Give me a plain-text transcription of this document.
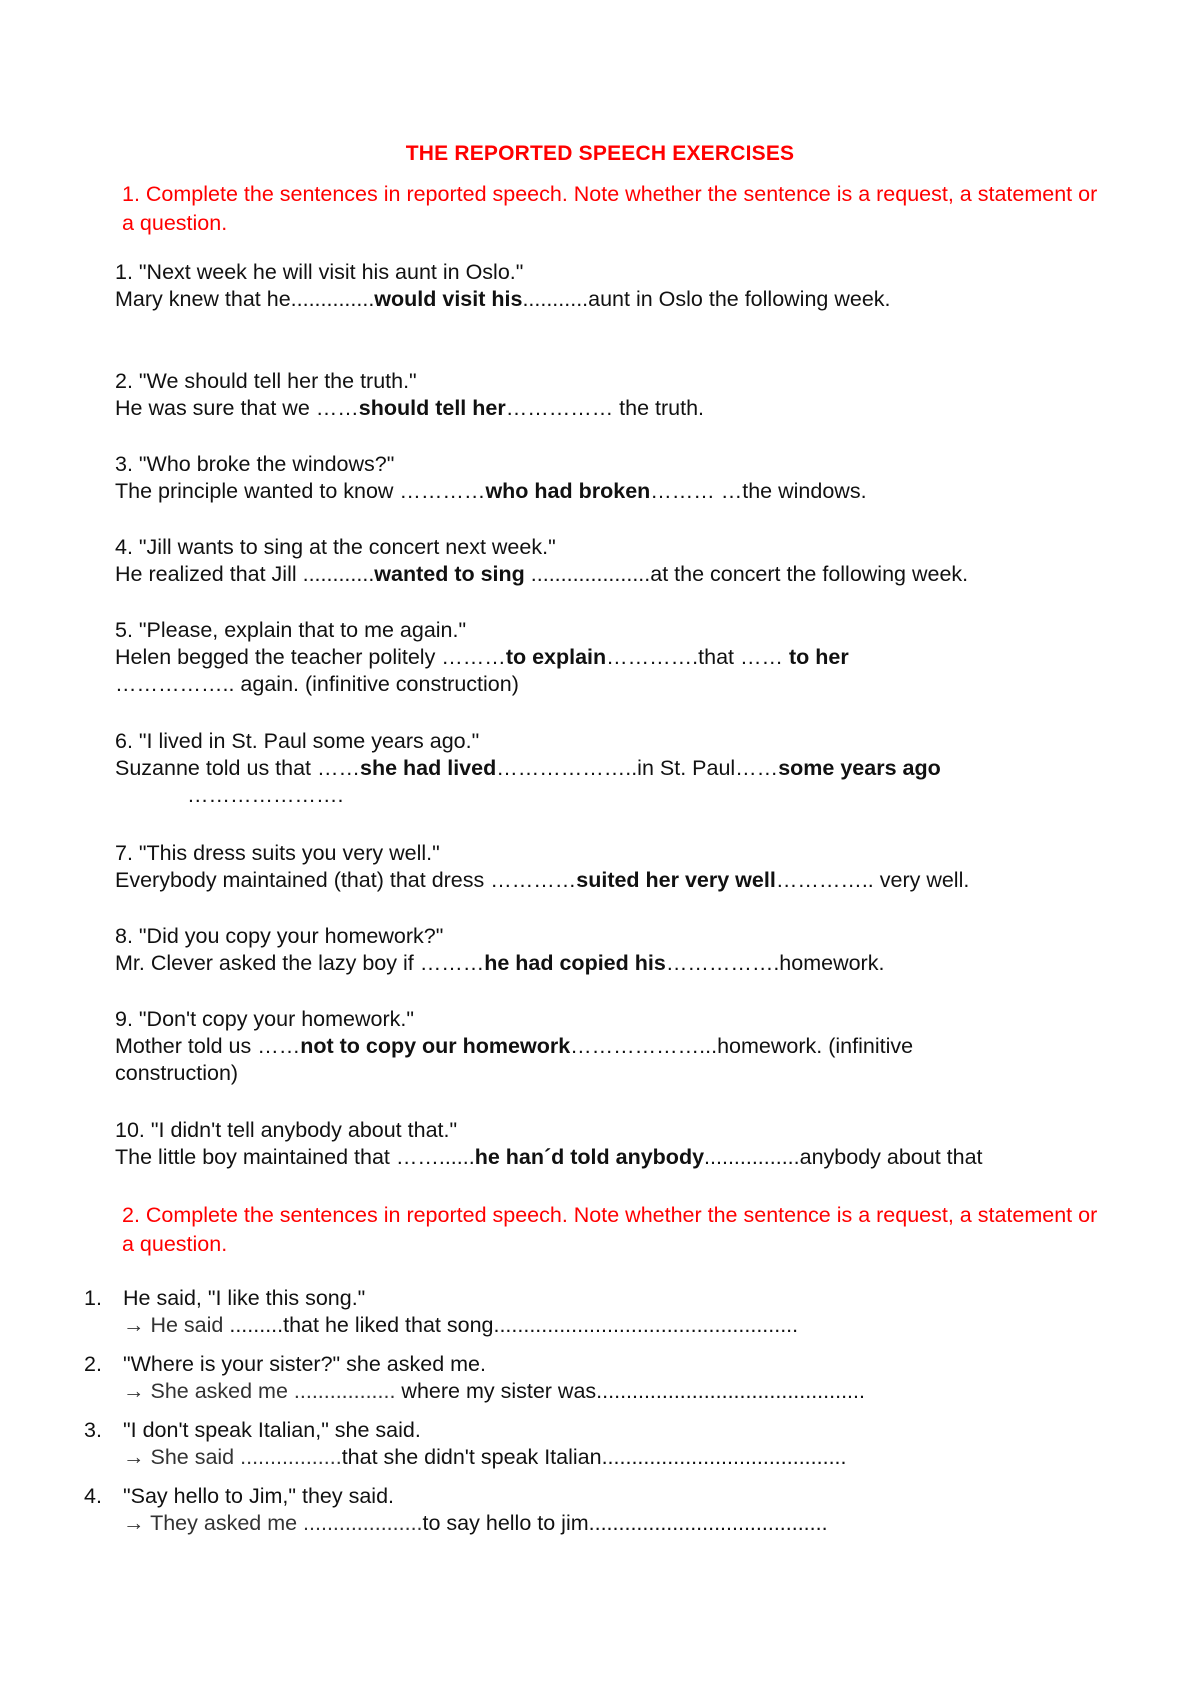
THE REPORTED SPEECH EXERCISES
1. Complete the sentences in reported speech. Note whether the sentence is a request, a statement or a question.
1. "Next week he will visit his aunt in Oslo."
Mary knew that he..............would visit his...........aunt in Oslo the following week.
2. "We should tell her the truth."
He was sure that we ……should tell her…………… the truth.
3. "Who broke the windows?"
The principle wanted to know …………who had broken……… …the windows.
4. "Jill wants to sing at the concert next week."
He realized that Jill ............wanted to sing ....................at the concert the following week.
5. "Please, explain that to me again."
Helen begged the teacher politely ………to explain………….that …… to her
…………….. again. (infinitive construction)
6. "I lived in St. Paul some years ago."
Suzanne told us that ……she had lived………………..in St. Paul……some years ago
………………….
7. "This dress suits you very well."
Everybody maintained (that) that dress …………suited her very well………….. very well.
8. "Did you copy your homework?"
Mr. Clever asked the lazy boy if ………he had copied his…………….homework.
9. "Don't copy your homework."
Mother told us ……not to copy our homework………………...homework. (infinitive
construction)
10. "I didn't tell anybody about that."
The little boy maintained that ……......he han´d told anybody................anybody about that
2. Complete the sentences in reported speech. Note whether the sentence is a request, a statement or a question.
1. He said, "I like this song."
→ He said .........that he liked that song...................................................
2. "Where is your sister?" she asked me.
→ She asked me ................. where my sister was.............................................
3. "I don't speak Italian," she said.
→ She said .................that she didn't speak Italian.........................................
4. "Say hello to Jim," they said.
→ They asked me ....................to say hello to jim........................................
